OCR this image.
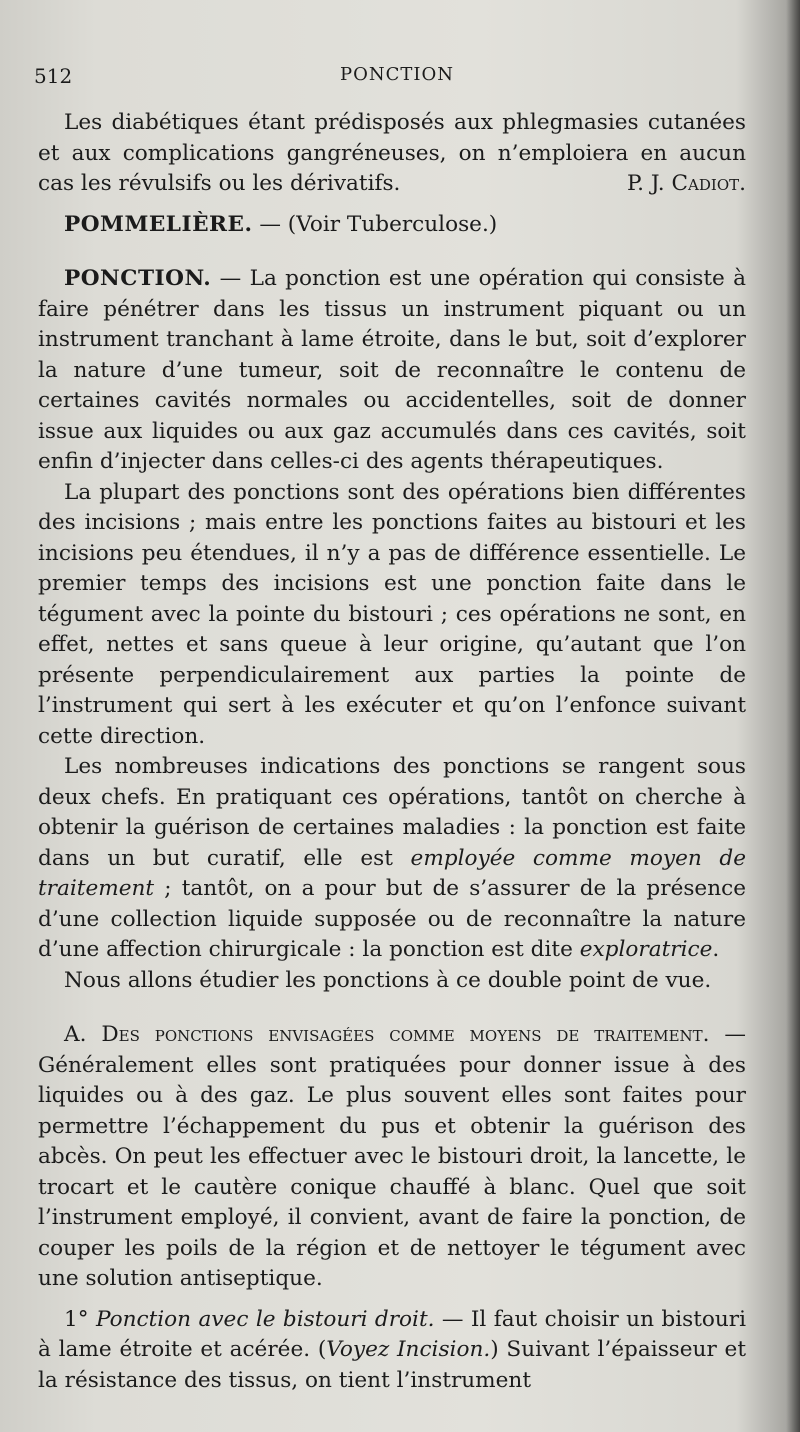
512	PONCTION

Les diabétiques étant prédisposés aux phlegmasies cutanées et aux complications gangréneuses, on n’emploiera en aucun cas les révulsifs ou les dérivatifs.	P. J. Cadiot.

POMMELIÈRE. — (Voir Tuberculose.)

PONCTION. — La ponction est une opération qui consiste à faire pénétrer dans les tissus un instrument piquant ou un instrument tranchant à lame étroite, dans le but, soit d’explorer la nature d’une tumeur, soit de reconnaître le contenu de certaines cavités normales ou accidentelles, soit de donner issue aux liquides ou aux gaz accumulés dans ces cavités, soit enfin d’injecter dans celles-ci des agents thérapeutiques.

La plupart des ponctions sont des opérations bien différentes des incisions ; mais entre les ponctions faites au bistouri et les incisions peu étendues, il n’y a pas de différence essentielle. Le premier temps des incisions est une ponction faite dans le tégument avec la pointe du bistouri ; ces opérations ne sont, en effet, nettes et sans queue à leur origine, qu’autant que l’on présente perpendiculairement aux parties la pointe de l’instrument qui sert à les exécuter et qu’on l’enfonce suivant cette direction.

Les nombreuses indications des ponctions se rangent sous deux chefs. En pratiquant ces opérations, tantôt on cherche à obtenir la guérison de certaines maladies : la ponction est faite dans un but curatif, elle est employée comme moyen de traitement ; tantôt, on a pour but de s’assurer de la présence d’une collection liquide supposée ou de reconnaître la nature d’une affection chirurgicale : la ponction est dite exploratrice.

Nous allons étudier les ponctions à ce double point de vue.

A. Des ponctions envisagées comme moyens de traitement. — Généralement elles sont pratiquées pour donner issue à des liquides ou à des gaz. Le plus souvent elles sont faites pour permettre l’échappement du pus et obtenir la guérison des abcès. On peut les effectuer avec le bistouri droit, la lancette, le trocart et le cautère conique chauffé à blanc. Quel que soit l’instrument employé, il convient, avant de faire la ponction, de couper les poils de la région et de nettoyer le tégument avec une solution antiseptique.

1° Ponction avec le bistouri droit. — Il faut choisir un bistouri à lame étroite et acérée. (Voyez Incision.) Suivant l’épaisseur et la résistance des tissus, on tient l’instrument
